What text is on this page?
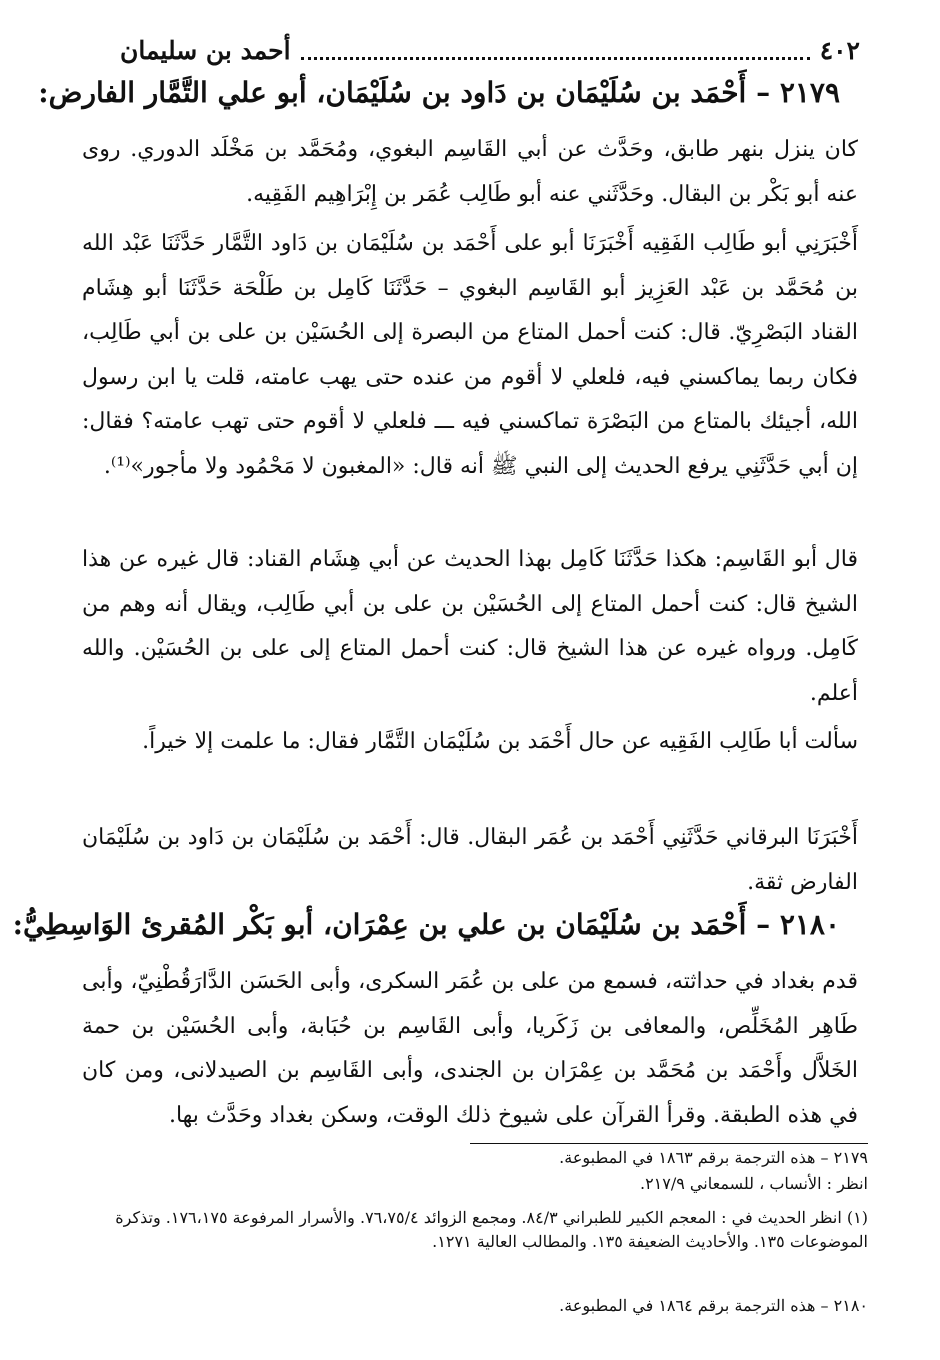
٤٠٢
أحمد بن سليمان
٢١٧٩ – أَحْمَد بن سُلَيْمَان بن دَاود بن سُلَيْمَان، أبو علي التَّمَّار الفارض:
كان ينزل بنهر طابق، وحَدَّث عن أبي القَاسِم البغوي، ومُحَمَّد بن مَخْلَد الدوري. روى عنه أبو بَكْر بن البقال. وحَدَّثَني عنه أبو طَالِب عُمَر بن إِبْرَاهِيم الفَقِيه.
أَخْبَرَنِي أبو طَالِب الفَقِيه أَخْبَرَنَا أبو على أَحْمَد بن سُلَيْمَان بن دَاود التَّمَّار حَدَّثَنَا عَبْد الله بن مُحَمَّد بن عَبْد العَزِيز أبو القَاسِم البغوي – حَدَّثَنَا كَامِل بن طَلْحَة حَدَّثَنَا أبو هِشَام القناد البَصْرِيّ. قال: كنت أحمل المتاع من البصرة إلى الحُسَيْن بن على بن أبي طَالِب، فكان ربما يماكسني فيه، فلعلي لا أقوم من عنده حتى يهب عامته، قلت يا ابن رسول الله، أجيئك بالمتاع من البَصْرَة تماكسني فيه ـــ فلعلي لا أقوم حتى تهب عامته؟ فقال: إن أبي حَدَّثَنِي يرفع الحديث إلى النبي ﷺ أنه قال: «المغبون لا مَحْمُود ولا مأجور»⁽¹⁾.
قال أبو القَاسِم: هكذا حَدَّثَنَا كَامِل بهذا الحديث عن أبي هِشَام القناد: قال غيره عن هذا الشيخ قال: كنت أحمل المتاع إلى الحُسَيْن بن على بن أبي طَالِب، ويقال أنه وهم من كَامِل. ورواه غيره عن هذا الشيخ قال: كنت أحمل المتاع إلى على بن الحُسَيْن. والله أعلم.
سألت أبا طَالِب الفَقِيه عن حال أَحْمَد بن سُلَيْمَان التَّمَّار فقال: ما علمت إلا خيراً.
أَخْبَرَنَا البرقاني حَدَّثَنِي أَحْمَد بن عُمَر البقال. قال: أَحْمَد بن سُلَيْمَان بن دَاود بن سُلَيْمَان الفارض ثقة.
٢١٨٠ – أَحْمَد بن سُلَيْمَان بن علي بن عِمْرَان، أبو بَكْر المُقرئ الوَاسِطِيُّ:
قدم بغداد في حداثته، فسمع من على بن عُمَر السكرى، وأبى الحَسَن الدَّارَقُطْنِيّ، وأبى طَاهِر المُخَلِّص، والمعافى بن زَكَريا، وأبى القَاسِم بن حُبَابة، وأبى الحُسَيْن بن حمة الخَلاَّل وأَحْمَد بن مُحَمَّد بن عِمْرَان بن الجندى، وأبى القَاسِم بن الصيدلانى، ومن كان في هذه الطبقة. وقرأ القرآن على شيوخ ذلك الوقت، وسكن بغداد وحَدَّث بها.
٢١٧٩ – هذه الترجمة برقم ١٨٦٣ في المطبوعة.
انظر : الأنساب ، للسمعاني ٢١٧/٩.
(١) انظر الحديث في : المعجم الكبير للطبراني ٨٤/٣. ومجمع الزوائد ٧٦،٧٥/٤. والأسرار المرفوعة ١٧٦،١٧٥. وتذكرة الموضوعات ١٣٥. والأحاديث الضعيفة ١٣٥. والمطالب العالية ١٢٧١.
٢١٨٠ – هذه الترجمة برقم ١٨٦٤ في المطبوعة.
